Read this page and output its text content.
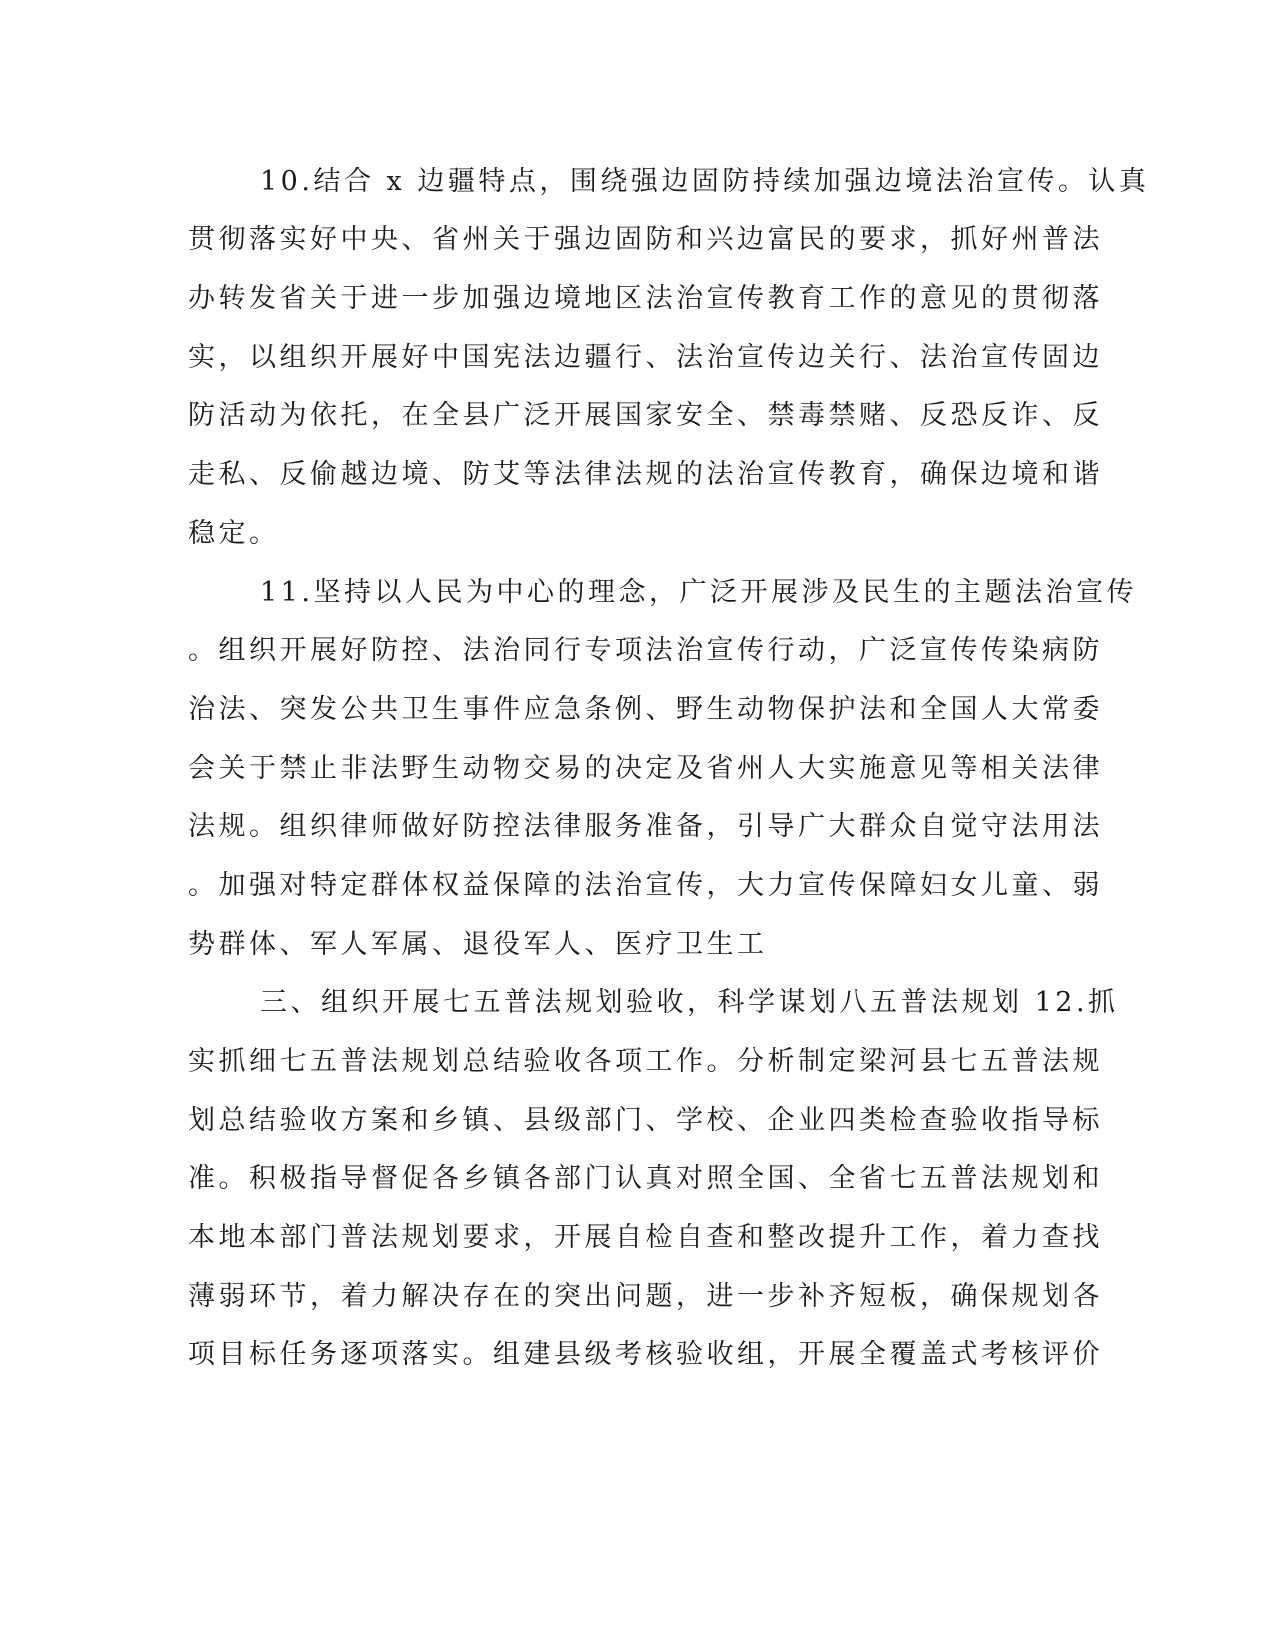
10.结合 x 边疆特点，围绕强边固防持续加强边境法治宣传。认真
贯彻落实好中央、省州关于强边固防和兴边富民的要求，抓好州普法
办转发省关于进一步加强边境地区法治宣传教育工作的意见的贯彻落
实，以组织开展好中国宪法边疆行、法治宣传边关行、法治宣传固边
防活动为依托，在全县广泛开展国家安全、禁毒禁赌、反恐反诈、反
走私、反偷越边境、防艾等法律法规的法治宣传教育，确保边境和谐
稳定。
11.坚持以人民为中心的理念，广泛开展涉及民生的主题法治宣传
。组织开展好防控、法治同行专项法治宣传行动，广泛宣传传染病防
治法、突发公共卫生事件应急条例、野生动物保护法和全国人大常委
会关于禁止非法野生动物交易的决定及省州人大实施意见等相关法律
法规。组织律师做好防控法律服务准备，引导广大群众自觉守法用法
。加强对特定群体权益保障的法治宣传，大力宣传保障妇女儿童、弱
势群体、军人军属、退役军人、医疗卫生工
三、组织开展七五普法规划验收，科学谋划八五普法规划 12.抓
实抓细七五普法规划总结验收各项工作。分析制定梁河县七五普法规
划总结验收方案和乡镇、县级部门、学校、企业四类检查验收指导标
准。积极指导督促各乡镇各部门认真对照全国、全省七五普法规划和
本地本部门普法规划要求，开展自检自查和整改提升工作，着力查找
薄弱环节，着力解决存在的突出问题，进一步补齐短板，确保规划各
项目标任务逐项落实。组建县级考核验收组，开展全覆盖式考核评价
